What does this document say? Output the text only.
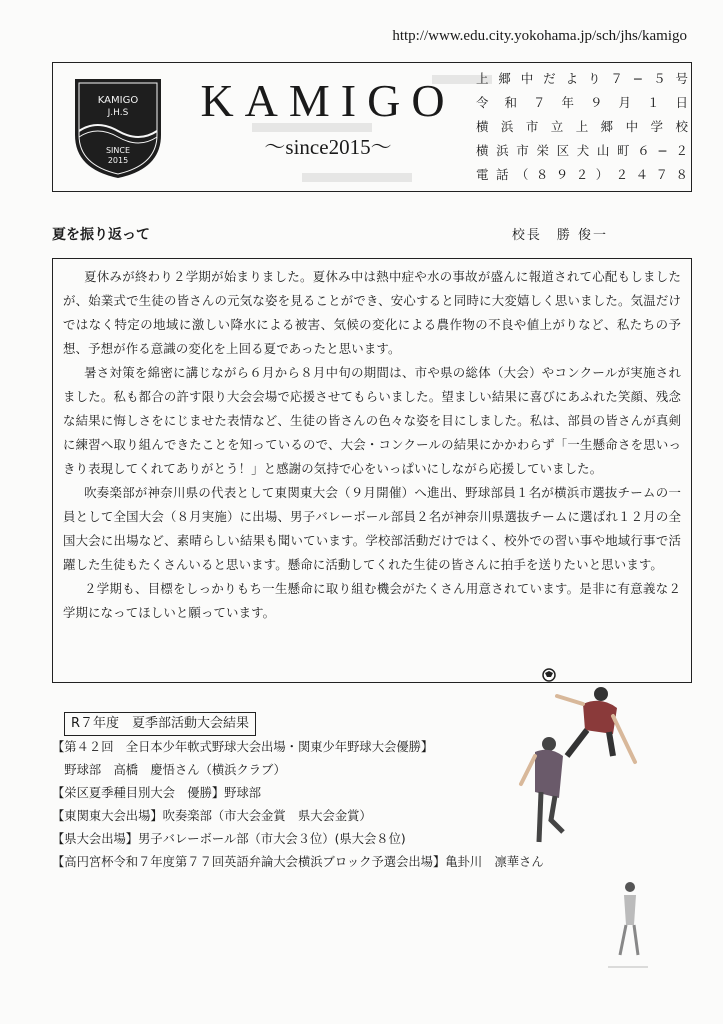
http://www.edu.city.yokohama.jp/sch/jhs/kamigo
KAMIGO
J.H.S
SINCE
2015
KAMIGO
〜since2015〜
上郷中だより７−５号
令和７年９月１日
横浜市立上郷中学校
横浜市栄区犬山町６−２
電話（８９２）２４７８
夏を振り返って	校長　勝 俊一

夏休みが終わり２学期が始まりました。夏休み中は熱中症や水の事故が盛んに報道されて心配もしましたが、始業式で生徒の皆さんの元気な姿を見ることができ、安心すると同時に大変嬉しく思いました。気温だけではなく特定の地域に激しい降水による被害、気候の変化による農作物の不良や値上がりなど、私たちの予想、予想が作る意識の変化を上回る夏であったと思います。

暑さ対策を綿密に講じながら６月から８月中旬の期間は、市や県の総体（大会）やコンクールが実施されました。私も都合の許す限り大会会場で応援させてもらいました。望ましい結果に喜びにあふれた笑顔、残念な結果に悔しさをにじませた表情など、生徒の皆さんの色々な姿を目にしました。私は、部員の皆さんが真剣に練習へ取り組んできたことを知っているので、大会・コンクールの結果にかかわらず「一生懸命さを思いっきり表現してくれてありがとう！」と感謝の気持で心をいっぱいにしながら応援していました。

吹奏楽部が神奈川県の代表として東関東大会（９月開催）へ進出、野球部員１名が横浜市選抜チームの一員として全国大会（８月実施）に出場、男子バレーボール部員２名が神奈川県選抜チームに選ばれ１２月の全国大会に出場など、素晴らしい結果も聞いています。学校部活動だけではく、校外での習い事や地域行事で活躍した生徒もたくさんいると思います。懸命に活動してくれた生徒の皆さんに拍手を送りたいと思います。

２学期も、目標をしっかりもち一生懸命に取り組む機会がたくさん用意されています。是非に有意義な２学期になってほしいと願っています。

R７年度　夏季部活動大会結果
【第４２回　全日本少年軟式野球大会出場・関東少年野球大会優勝】
　野球部　高橋　慶悟さん（横浜クラブ）
【栄区夏季種目別大会　優勝】野球部
【東関東大会出場】吹奏楽部（市大会金賞　県大会金賞）
【県大会出場】男子バレーボール部（市大会３位）(県大会８位)
【高円宮杯令和７年度第７７回英語弁論大会横浜ブロック予選会出場】亀卦川　凛華さん
